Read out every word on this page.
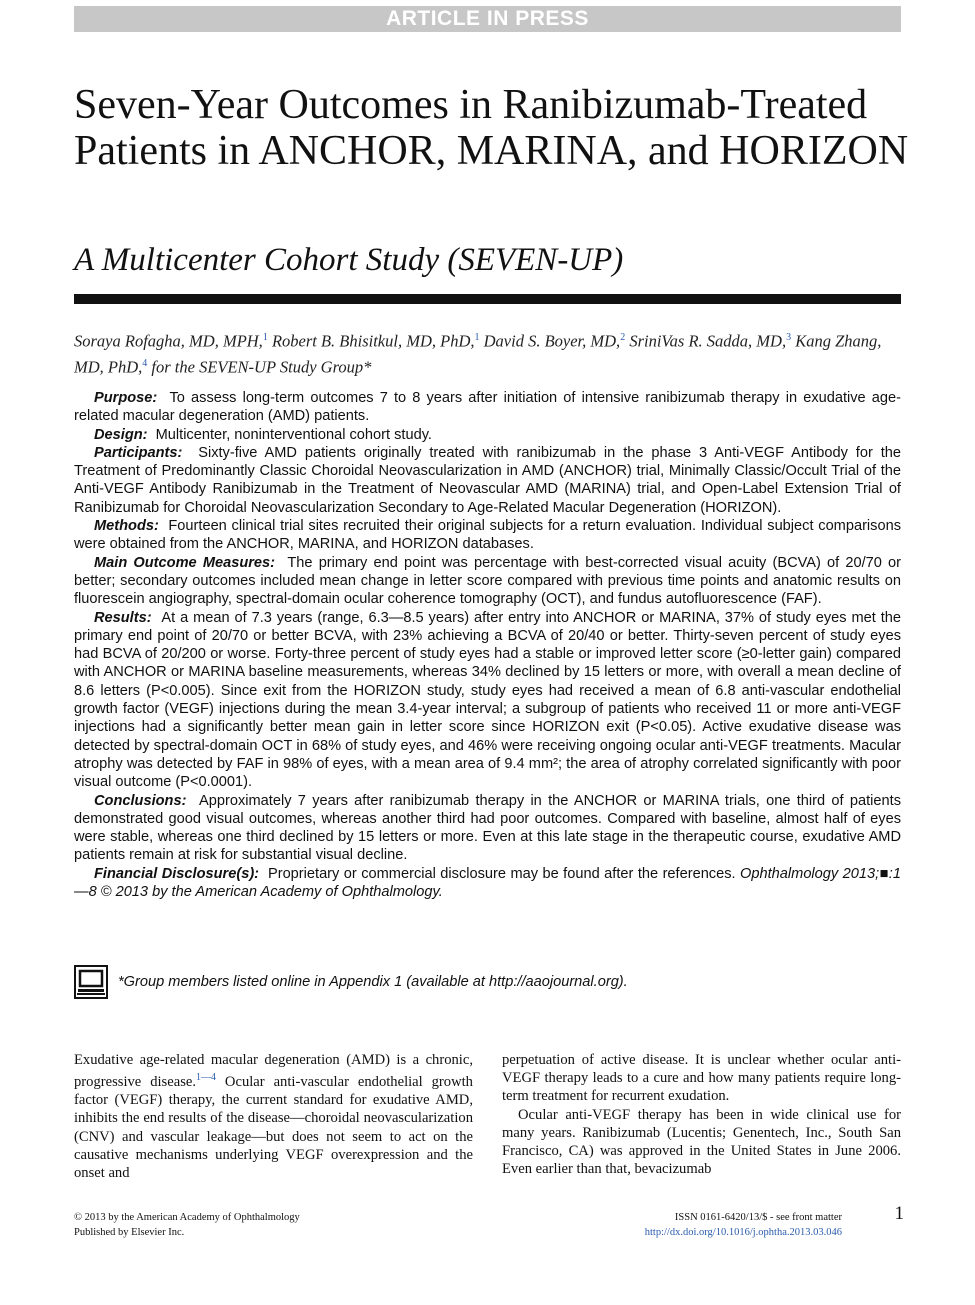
ARTICLE IN PRESS
Seven-Year Outcomes in Ranibizumab-Treated Patients in ANCHOR, MARINA, and HORIZON
A Multicenter Cohort Study (SEVEN-UP)
Soraya Rofagha, MD, MPH,$^1$ Robert B. Bhisitkul, MD, PhD,$^1$ David S. Boyer, MD,$^2$ SriniVas R. Sadda, MD,$^3$ Kang Zhang, MD, PhD,$^4$ for the SEVEN-UP Study Group*

Purpose: To assess long-term outcomes 7 to 8 years after initiation of intensive ranibizumab therapy in exudative age-related macular degeneration (AMD) patients.

Design: Multicenter, noninterventional cohort study.

Participants: Sixty-five AMD patients originally treated with ranibizumab in the phase 3 Anti-VEGF Antibody for the Treatment of Predominantly Classic Choroidal Neovascularization in AMD (ANCHOR) trial, Minimally Classic/Occult Trial of the Anti-VEGF Antibody Ranibizumab in the Treatment of Neovascular AMD (MARINA) trial, and Open-Label Extension Trial of Ranibizumab for Choroidal Neovascularization Secondary to Age-Related Macular Degeneration (HORIZON).

Methods: Fourteen clinical trial sites recruited their original subjects for a return evaluation. Individual subject comparisons were obtained from the ANCHOR, MARINA, and HORIZON databases.

Main Outcome Measures: The primary end point was percentage with best-corrected visual acuity (BCVA) of 20/70 or better; secondary outcomes included mean change in letter score compared with previous time points and anatomic results on fluorescein angiography, spectral-domain ocular coherence tomography (OCT), and fundus autofluorescence (FAF).

Results: At a mean of 7.3 years (range, 6.3—8.5 years) after entry into ANCHOR or MARINA, 37% of study eyes met the primary end point of 20/70 or better BCVA, with 23% achieving a BCVA of 20/40 or better. Thirty-seven percent of study eyes had BCVA of 20/200 or worse. Forty-three percent of study eyes had a stable or improved letter score (≥0-letter gain) compared with ANCHOR or MARINA baseline measurements, whereas 34% declined by 15 letters or more, with overall a mean decline of 8.6 letters (P<0.005). Since exit from the HORIZON study, study eyes had received a mean of 6.8 anti-vascular endothelial growth factor (VEGF) injections during the mean 3.4-year interval; a subgroup of patients who received 11 or more anti-VEGF injections had a significantly better mean gain in letter score since HORIZON exit (P<0.05). Active exudative disease was detected by spectral-domain OCT in 68% of study eyes, and 46% were receiving ongoing ocular anti-VEGF treatments. Macular atrophy was detected by FAF in 98% of eyes, with a mean area of 9.4 mm²; the area of atrophy correlated significantly with poor visual outcome (P<0.0001).

Conclusions: Approximately 7 years after ranibizumab therapy in the ANCHOR or MARINA trials, one third of patients demonstrated good visual outcomes, whereas another third had poor outcomes. Compared with baseline, almost half of eyes were stable, whereas one third declined by 15 letters or more. Even at this late stage in the therapeutic course, exudative AMD patients remain at risk for substantial visual decline.

Financial Disclosure(s): Proprietary or commercial disclosure may be found after the references. Ophthalmology 2013;■:1—8 © 2013 by the American Academy of Ophthalmology.

*Group members listed online in Appendix 1 (available at http://aaojournal.org).

Exudative age-related macular degeneration (AMD) is a chronic, progressive disease.$^{1—4}$ Ocular anti-vascular endothelial growth factor (VEGF) therapy, the current standard for exudative AMD, inhibits the end results of the disease—choroidal neovascularization (CNV) and vascular leakage—but does not seem to act on the causative mechanisms underlying VEGF overexpression and the onset and

perpetuation of active disease. It is unclear whether ocular anti-VEGF therapy leads to a cure and how many patients require long-term treatment for recurrent exudation.

Ocular anti-VEGF therapy has been in wide clinical use for many years. Ranibizumab (Lucentis; Genentech, Inc., South San Francisco, CA) was approved in the United States in June 2006. Even earlier than that, bevacizumab

© 2013 by the American Academy of Ophthalmology
Published by Elsevier Inc.
ISSN 0161-6420/13/$ - see front matter
http://dx.doi.org/10.1016/j.ophtha.2013.03.046
1
